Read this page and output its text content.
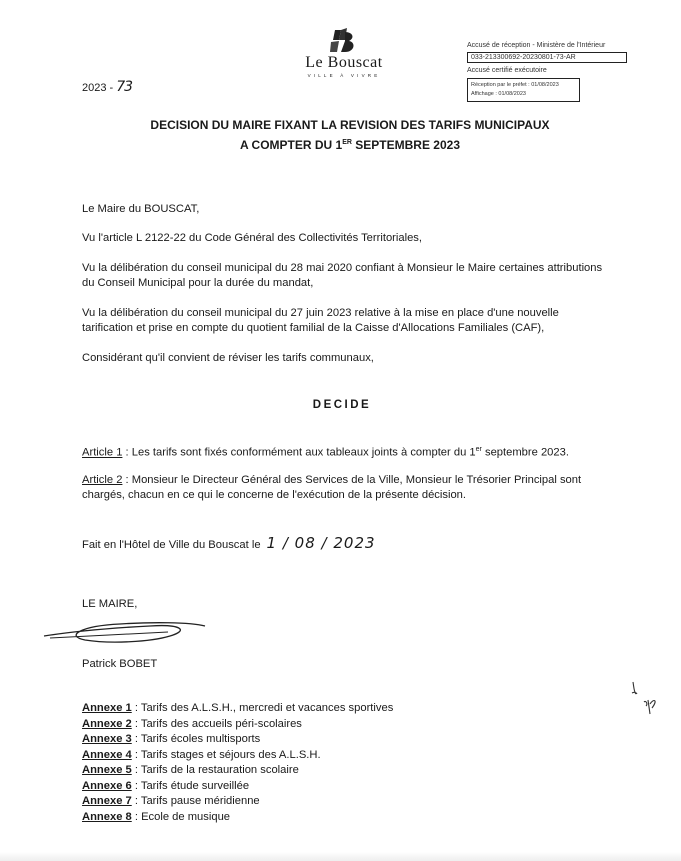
Le Bouscat
VILLE À VIVRE
Accusé de réception - Ministère de l'Intérieur
033-213300692-20230801-73-AR
Accusé certifié exécutoire
Réception par le préfet : 01/08/2023
Affichage : 01/08/2023
2023 - 73
DECISION DU MAIRE FIXANT LA REVISION DES TARIFS MUNICIPAUX
A COMPTER DU 1ER SEPTEMBRE 2023
Le Maire du BOUSCAT,
Vu l'article L 2122-22 du Code Général des Collectivités Territoriales,
Vu la délibération du conseil municipal du 28 mai 2020 confiant à Monsieur le Maire certaines attributions du Conseil Municipal pour la durée du mandat,
Vu la délibération du conseil municipal du 27 juin 2023 relative à la mise en place d'une nouvelle tarification et prise en compte du quotient familial de la Caisse d'Allocations Familiales (CAF),
Considérant qu'il convient de réviser les tarifs communaux,
DECIDE
Article 1 : Les tarifs sont fixés conformément aux tableaux joints à compter du 1er septembre 2023.
Article 2 : Monsieur le Directeur Général des Services de la Ville, Monsieur le Trésorier Principal sont chargés, chacun en ce qui le concerne de l'exécution de la présente décision.
Fait en l'Hôtel de Ville du Bouscat le 1 / 08 / 2023
LE MAIRE,
Patrick BOBET
Annexe 1 : Tarifs des A.L.S.H., mercredi et vacances sportives
Annexe 2 : Tarifs des accueils péri-scolaires
Annexe 3 : Tarifs écoles multisports
Annexe 4 : Tarifs stages et séjours des A.L.S.H.
Annexe 5 : Tarifs de la restauration scolaire
Annexe 6 : Tarifs étude surveillée
Annexe 7 : Tarifs pause méridienne
Annexe 8 : Ecole de musique
